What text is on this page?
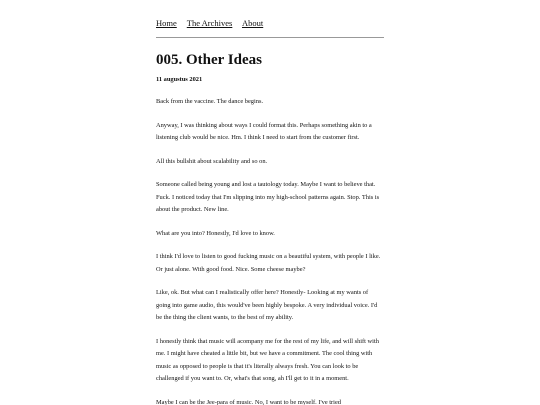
Home The Archives About
005. Other Ideas
11 augustus 2021

Back from the vaccine. The dance begins.

Anyway, I was thinking about ways I could format this. Perhaps something akin to a listening club would be nice. Hm. I think I need to start from the customer first.

All this bullshit about scalability and so on.

Someone called being young and lost a tautology today. Maybe I want to believe that. Fuck. I noticed today that I'm slipping into my high-school patterns again. Stop. This is about the product. New line.

What are you into? Honestly, I'd love to know.

I think I'd love to listen to good fucking music on a beautiful system, with people I like. Or just alone. With good food. Nice. Some cheese maybe?

Like, ok. But what can I realistically offer here? Honestly- Looking at my wants of going into game audio, this would've been highly bespoke. A very individual voice. I'd be the thing the client wants, to the best of my ability.

I honestly think that music will acompany me for the rest of my life, and will shift with me. I might have cheated a little bit, but we have a commitment. The cool thing with music as opposed to people is that it's literally always fresh. You can look to be challenged if you want to. Or, what's that song, ah I'll get to it in a moment.

Maybe I can be the Jee-para of music. No, I want to be myself. I've tried
